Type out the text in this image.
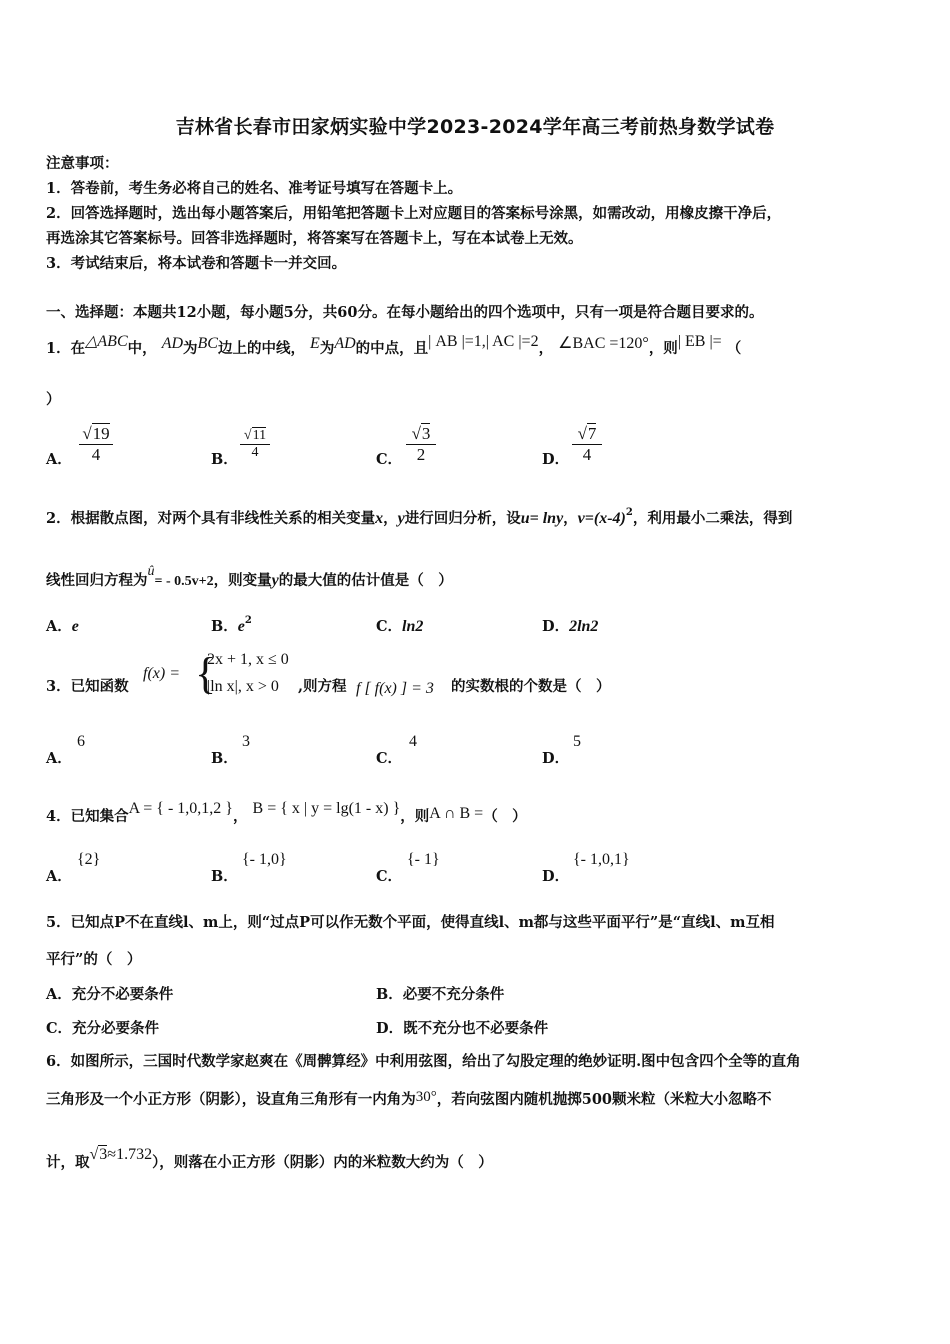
吉林省长春市田家炳实验中学2023-2024学年高三考前热身数学试卷
注意事项：
1．答卷前，考生务必将自己的姓名、准考证号填写在答题卡上。
2．回答选择题时，选出每小题答案后，用铅笔把答题卡上对应题目的答案标号涂黑，如需改动，用橡皮擦干净后，
再选涂其它答案标号。回答非选择题时，将答案写在答题卡上，写在本试卷上无效。
3．考试结束后，将本试卷和答题卡一并交回。
一、选择题：本题共12小题，每小题5分，共60分。在每小题给出的四个选项中，只有一项是符合题目要求的。
1．在△ABC中， AD为BC边上的中线， E为AD的中点，且| AB |=1,| AC |=2， ∠BAC =120°，则| EB |= （
）
A．
√19
4	B．
√11
4	C．
√3
2	D．
√7
4
2．根据散点图，对两个具有非线性关系的相关变量x，y进行回归分析，设u= lny，$v=(x-4)^2$，利用最小二乘法，得到
线性回归方程为û= - 0.5v+2，则变量y的最大值的估计值是（　）
A．e	B．$e^2$	C．ln2	D．2ln2
3．已知函数
f(x) = {
2x + 1, x ≤ 0
|ln x|, x > 0 ,则方程 f [ f(x) ] = 3 的实数根的个数是（　）
A．
6
B．
3
C．
4
D．
5
4．已知集合A = { - 1,0,1,2 }， B = { x | y = lg(1 - x) }，则A ∩ B =（　）
A．
{2}
B．
{- 1,0}
C．
{- 1}
D．
{- 1,0,1}
5．已知点P不在直线l、m上，则“过点P可以作无数个平面，使得直线l、m都与这些平面平行”是“直线l、m互相
平行”的（　）
A．充分不必要条件	B．必要不充分条件
C．充分必要条件	D．既不充分也不必要条件
6．如图所示，三国时代数学家赵爽在《周髀算经》中利用弦图，给出了勾股定理的绝妙证明.图中包含四个全等的直角
三角形及一个小正方形（阴影），设直角三角形有一内角为30°，若向弦图内随机抛掷500颗米粒（米粒大小忽略不
计，取√3≈1.732），则落在小正方形（阴影）内的米粒数大约为（　）
